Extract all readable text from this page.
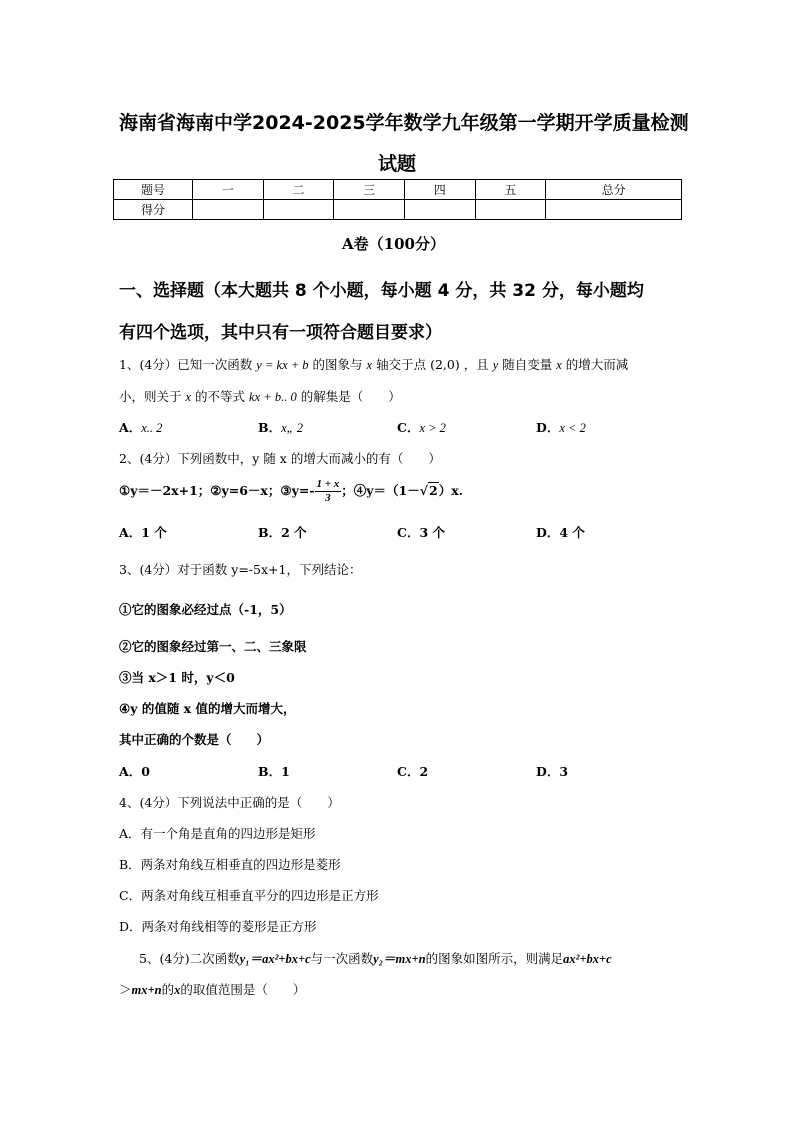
海南省海南中学2024-2025学年数学九年级第一学期开学质量检测
试题
题号	一	二	三	四	五	总分
得分						
A卷（100分）
一、选择题（本大题共 8 个小题，每小题 4 分，共 32 分，每小题均
有四个选项，其中只有一项符合题目要求）
1、(4分）已知一次函数 y = kx + b 的图象与 x 轴交于点 (2,0) ，且 y 随自变量 x 的增大而减
小，则关于 x 的不等式 kx + b.. 0 的解集是（　　）
A．x.. 2	B．x„ 2	C．x > 2	D．x < 2
2、(4分）下列函数中，y 随 x 的增大而减小的有（　　）
①y＝－2x+1；②y=6－x；③y=- $\frac{1 + x}{3}$ ；④y＝（1－√2）x.
A．1 个	B．2 个	C．3 个	D．4 个
3、(4分）对于函数 y=-5x+1，下列结论：
①它的图象必经过点（-1，5）
②它的图象经过第一、二、三象限
③当 x＞1 时，y＜0
④y 的值随 x 值的增大而增大，
其中正确的个数是（　　）
A．0	B．1	C．2	D．3
4、(4分）下列说法中正确的是（　　）
A．有一个角是直角的四边形是矩形
B．两条对角线互相垂直的四边形是菱形
C．两条对角线互相垂直平分的四边形是正方形
D．两条对角线相等的菱形是正方形
5、(4分)二次函数y₁＝ax²+bx+c与一次函数y₂＝mx+n的图象如图所示，则满足ax²+bx+c
＞mx+n的x的取值范围是（　　）
